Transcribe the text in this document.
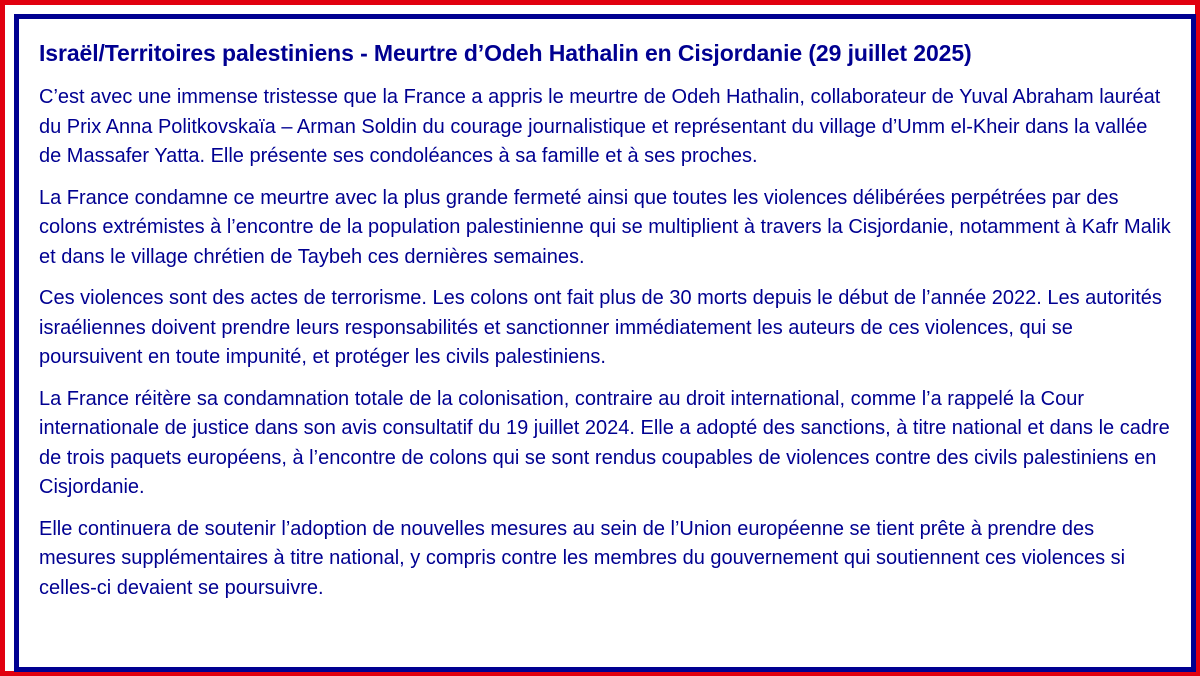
Israël/Territoires palestiniens - Meurtre d’Odeh Hathalin en Cisjordanie (29 juillet 2025)

C’est avec une immense tristesse que la France a appris le meurtre de Odeh Hathalin, collaborateur de Yuval Abraham lauréat du Prix Anna Politkovskaïa – Arman Soldin du courage journalistique et représentant du village d’Umm el-Kheir dans la vallée de Massafer Yatta. Elle présente ses condoléances à sa famille et à ses proches.

La France condamne ce meurtre avec la plus grande fermeté ainsi que toutes les violences délibérées perpétrées par des colons extrémistes à l’encontre de la population palestinienne qui se multiplient à travers la Cisjordanie, notamment à Kafr Malik et dans le village chrétien de Taybeh ces dernières semaines.

Ces violences sont des actes de terrorisme. Les colons ont fait plus de 30 morts depuis le début de l’année 2022. Les autorités israéliennes doivent prendre leurs responsabilités et sanctionner immédiatement les auteurs de ces violences, qui se poursuivent en toute impunité, et protéger les civils palestiniens.

La France réitère sa condamnation totale de la colonisation, contraire au droit international, comme l’a rappelé la Cour internationale de justice dans son avis consultatif du 19 juillet 2024. Elle a adopté des sanctions, à titre national et dans le cadre de trois paquets européens, à l’encontre de colons qui se sont rendus coupables de violences contre des civils palestiniens en Cisjordanie.

Elle continuera de soutenir l’adoption de nouvelles mesures au sein de l’Union européenne se tient prête à prendre des mesures supplémentaires à titre national, y compris contre les membres du gouvernement qui soutiennent ces violences si celles-ci devaient se poursuivre.
